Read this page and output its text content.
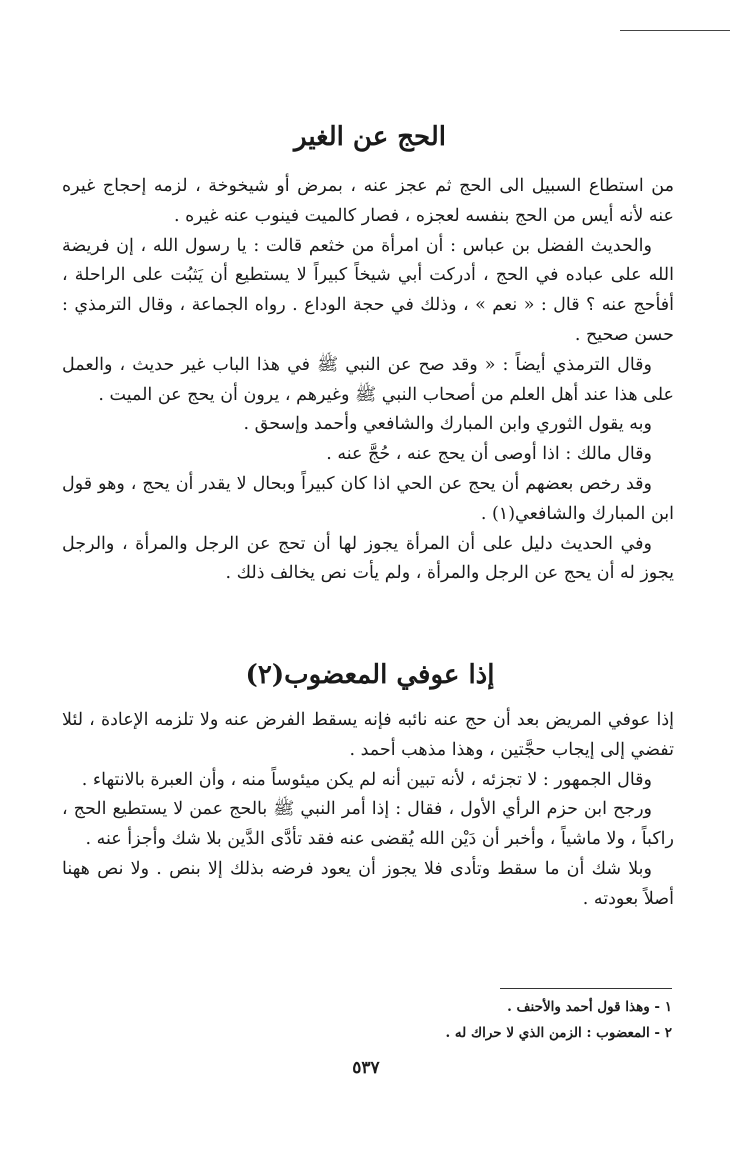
الحج عن الغير

من استطاع السبيل الى الحج ثم عجز عنه ، بمرض أو شيخوخة ، لزمه إحجاج غيره عنه لأنه أيس من الحج بنفسه لعجزه ، فصار كالميت فينوب عنه غيره .

والحديث الفضل بن عباس : أن امرأة من خثعم قالت : يا رسول الله ، إن فريضة الله على عباده في الحج ، أدركت أبي شيخاً كبيراً لا يستطيع أن يَثبُت على الراحلة ، أفأحج عنه ؟ قال : « نعم » ، وذلك في حجة الوداع . رواه الجماعة ، وقال الترمذي : حسن صحيح .

وقال الترمذي أيضاً : « وقد صح عن النبي ﷺ في هذا الباب غير حديث ، والعمل على هذا عند أهل العلم من أصحاب النبي ﷺ وغيرهم ، يرون أن يحج عن الميت .

وبه يقول الثوري وابن المبارك والشافعي وأحمد وإسحق .

وقال مالك : اذا أوصى أن يحج عنه ، حُجَّ عنه .

وقد رخص بعضهم أن يحج عن الحي اذا كان كبيراً وبحال لا يقدر أن يحج ، وهو قول ابن المبارك والشافعي(١) .

وفي الحديث دليل على أن المرأة يجوز لها أن تحج عن الرجل والمرأة ، والرجل يجوز له أن يحج عن الرجل والمرأة ، ولم يأت نص يخالف ذلك .

إذا عوفي المعضوب(٢)

إذا عوفي المريض بعد أن حج عنه نائبه فإنه يسقط الفرض عنه ولا تلزمه الإعادة ، لئلا تفضي إلى إيجاب حجَّتين ، وهذا مذهب أحمد .

وقال الجمهور : لا تجزئه ، لأنه تبين أنه لم يكن ميئوساً منه ، وأن العبرة بالانتهاء .

ورجح ابن حزم الرأي الأول ، فقال : إذا أمر النبي ﷺ بالحج عمن لا يستطيع الحج ، راكباً ، ولا ماشياً ، وأخبر أن دَيْن الله يُقضى عنه فقد تأدَّى الدَّين بلا شك وأجزأ عنه .

وبلا شك أن ما سقط وتأدى فلا يجوز أن يعود فرضه بذلك إلا بنص . ولا نص ههنا أصلاً بعودته .

١ - وهذا قول أحمد والأحنف .

٢ - المعضوب : الزمن الذي لا حراك له .

٥٣٧
